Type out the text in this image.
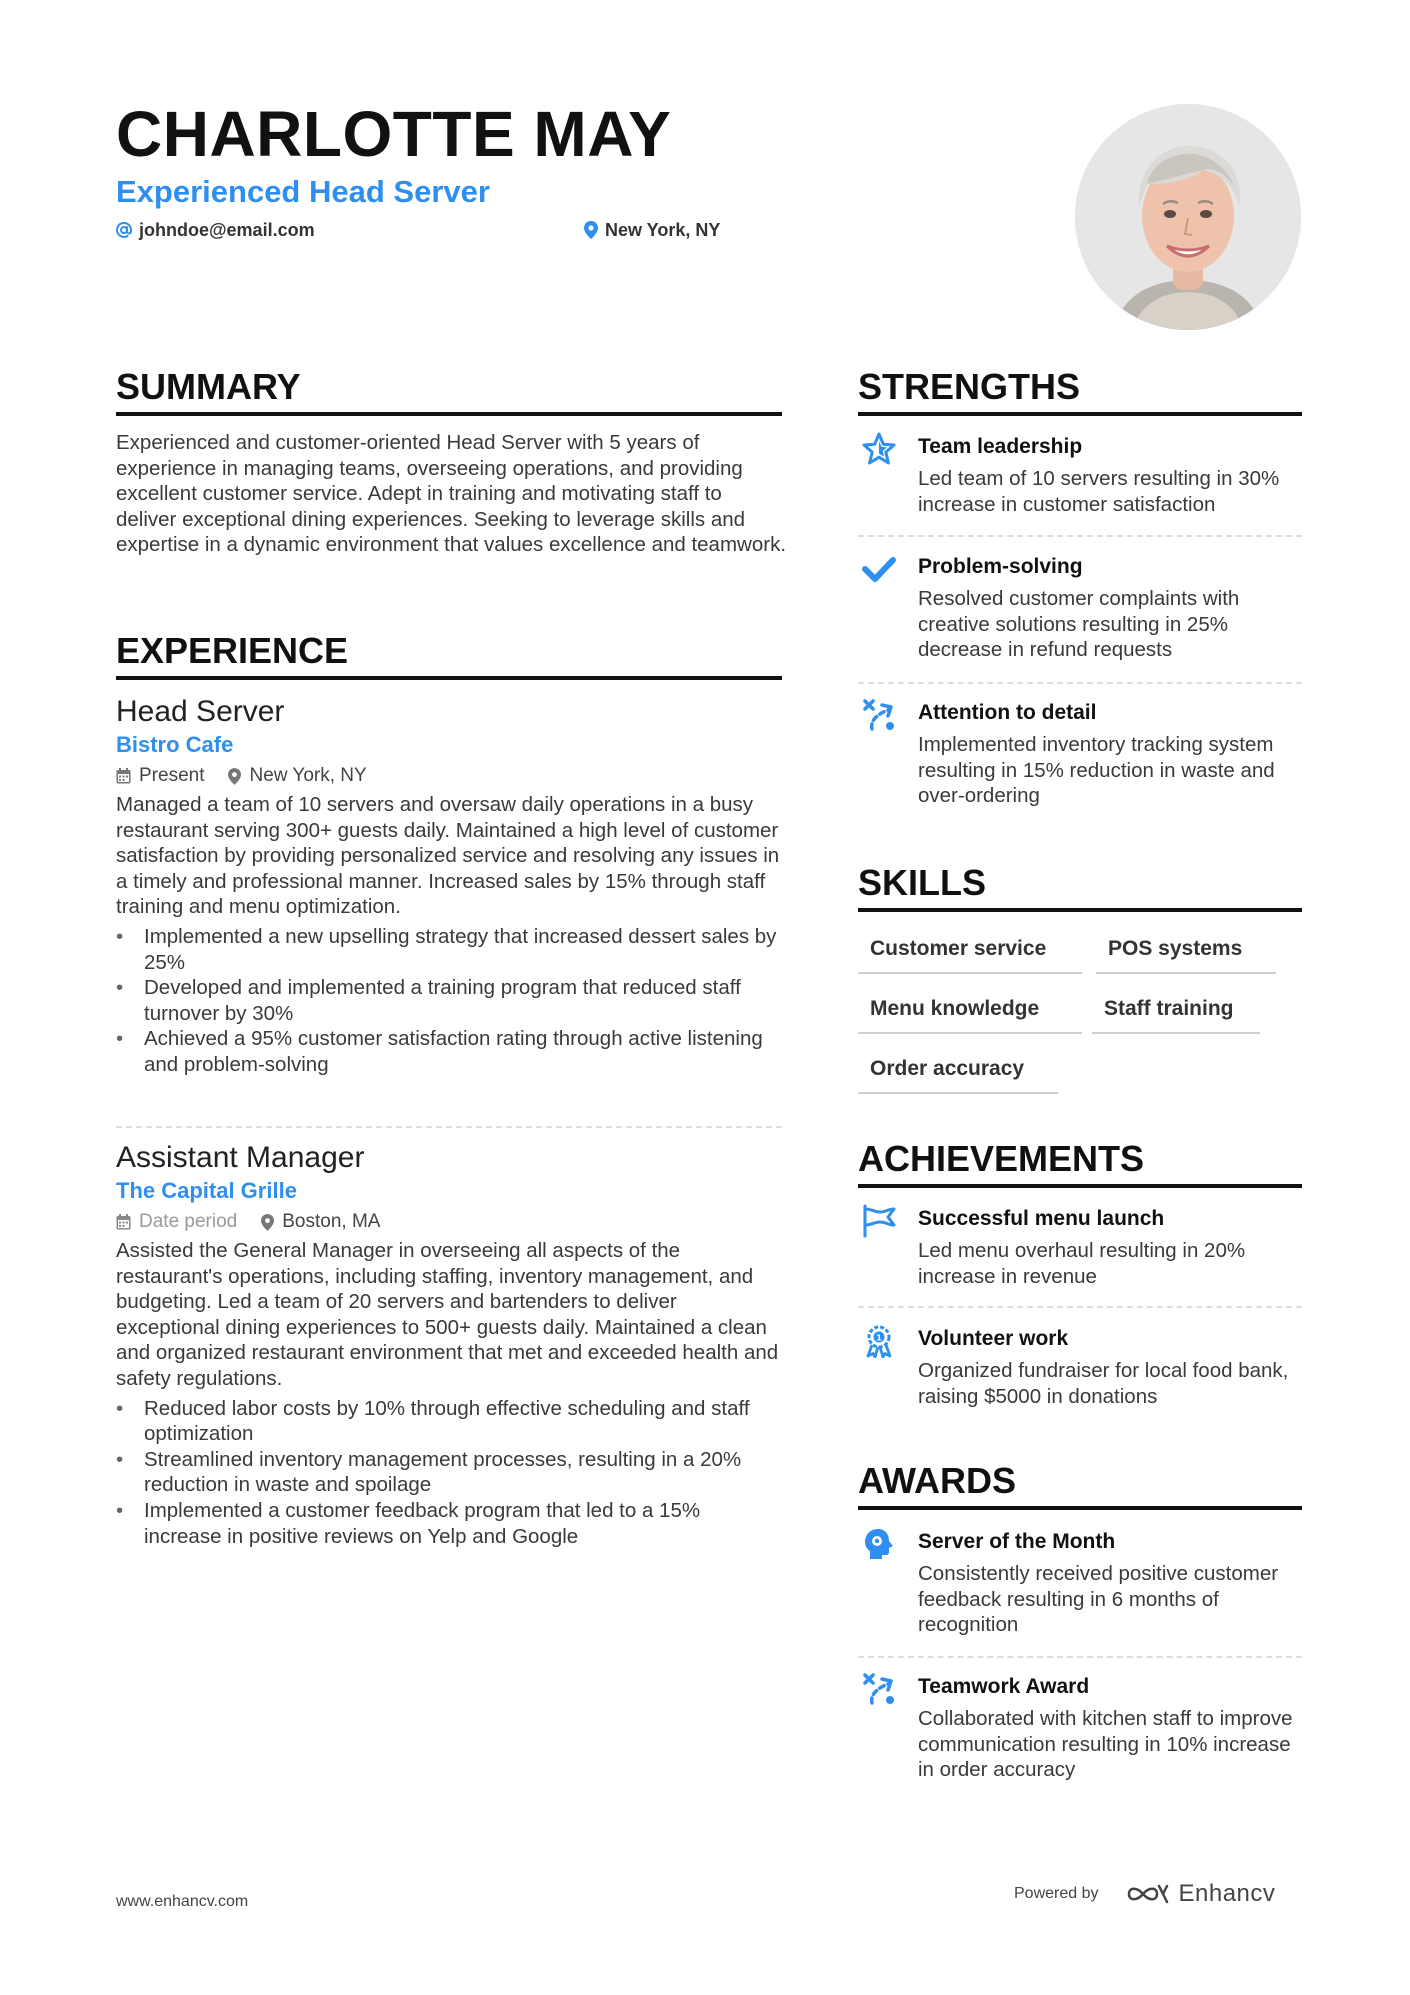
CHARLOTTE MAY
Experienced Head Server
johndoe@email.com	New York, NY
SUMMARY

Experienced and customer-oriented Head Server with 5 years of experience in managing teams, overseeing operations, and providing excellent customer service. Adept in training and motivating staff to deliver exceptional dining experiences. Seeking to leverage skills and expertise in a dynamic environment that values excellence and teamwork.

EXPERIENCE
Head Server
Bistro Cafe
Present New York, NY

Managed a team of 10 servers and oversaw daily operations in a busy restaurant serving 300+ guests daily. Maintained a high level of customer satisfaction by providing personalized service and resolving any issues in a timely and professional manner. Increased sales by 15% through staff training and menu optimization.

• Implemented a new upselling strategy that increased dessert sales by 25%
• Developed and implemented a training program that reduced staff turnover by 30%
• Achieved a 95% customer satisfaction rating through active listening and problem-solving
Assistant Manager
The Capital Grille
Date period Boston, MA

Assisted the General Manager in overseeing all aspects of the restaurant's operations, including staffing, inventory management, and budgeting. Led a team of 20 servers and bartenders to deliver exceptional dining experiences to 500+ guests daily. Maintained a clean and organized restaurant environment that met and exceeded health and safety regulations.

• Reduced labor costs by 10% through effective scheduling and staff optimization
• Streamlined inventory management processes, resulting in a 20% reduction in waste and spoilage
• Implemented a customer feedback program that led to a 15% increase in positive reviews on Yelp and Google
STRENGTHS
Team leadership
Led team of 10 servers resulting in 30% increase in customer satisfaction
Problem-solving
Resolved customer complaints with creative solutions resulting in 25% decrease in refund requests
Attention to detail
Implemented inventory tracking system resulting in 15% reduction in waste and over-ordering
SKILLS
Customer service	POS systems
Menu knowledge	Staff training
Order accuracy
ACHIEVEMENTS
Successful menu launch
Led menu overhaul resulting in 20% increase in revenue
1 Volunteer work
Organized fundraiser for local food bank, raising $5000 in donations
AWARDS
Server of the Month
Consistently received positive customer feedback resulting in 6 months of recognition
Teamwork Award
Collaborated with kitchen staff to improve communication resulting in 10% increase in order accuracy
www.enhancv.com	Powered by	Enhancv
